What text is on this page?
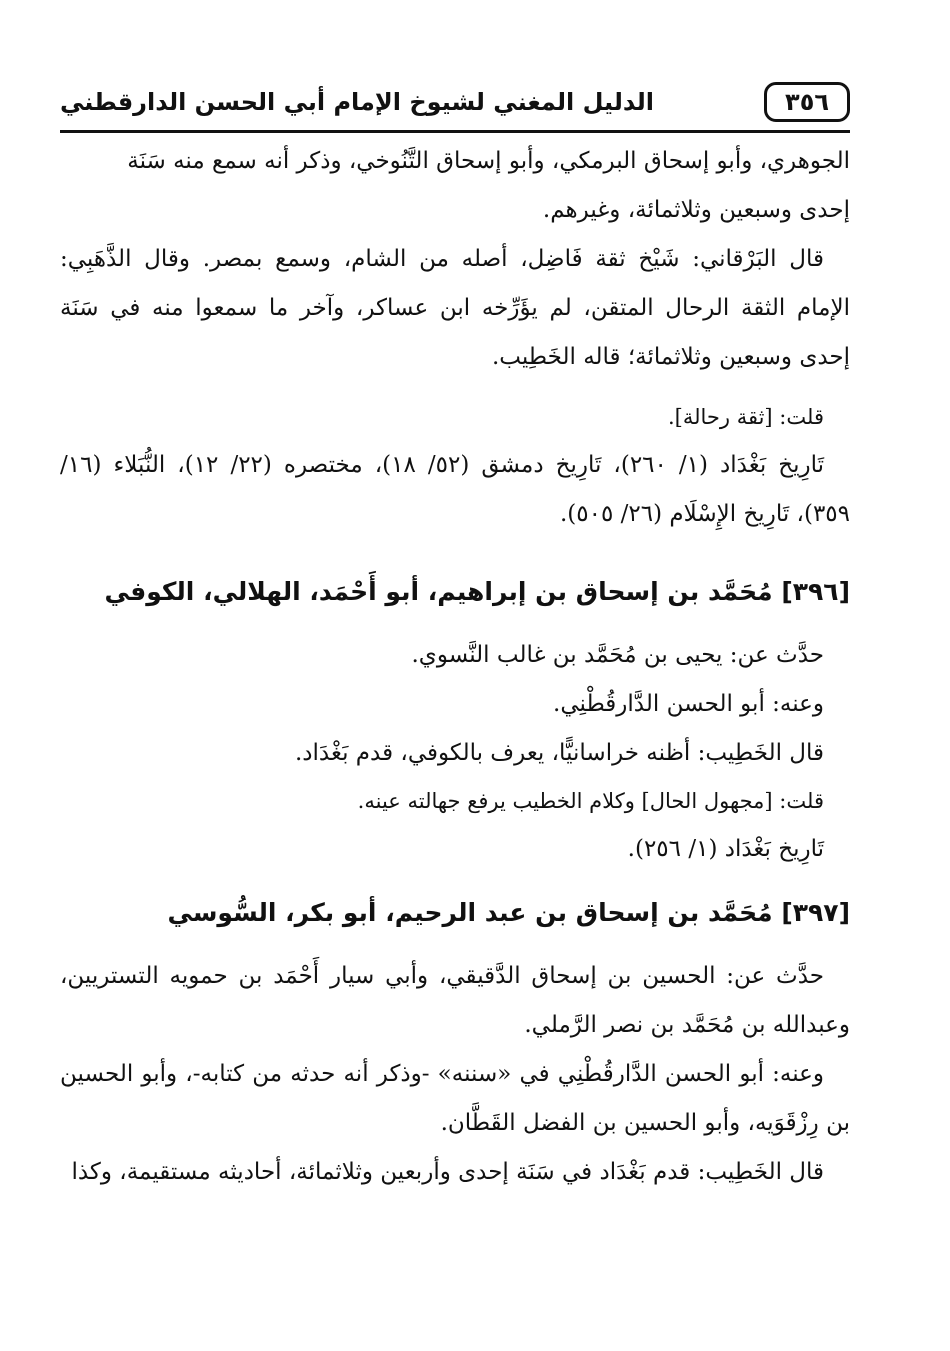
٣٥٦
الدليل المغني لشيوخ الإمام أبي الحسن الدارقطني

الجوهري، وأبو إسحاق البرمكي، وأبو إسحاق التَّنُوخي، وذكر أنه سمع منه سَنَة

إحدى وسبعين وثلاثمائة، وغيرهم.

قال البَرْقاني: شَيْخ ثقة فَاضِل، أصله من الشام، وسمع بمصر. وقال الذَّهَبِي: الإمام الثقة الرحال المتقن، لم يؤَرِّخه ابن عساكر، وآخر ما سمعوا منه في سَنَة إحدى وسبعين وثلاثمائة؛ قاله الخَطِيب.

قلت: [ثقة رحالة].

تَارِيخ بَغْدَاد (١/ ٢٦٠)، تَارِيخ دمشق (٥٢/ ١٨)، مختصره (٢٢/ ١٢)، النُّبَلاء (١٦/ ٣٥٩)، تَارِيخ الإِسْلَام (٢٦/ ٥٠٥).

[٣٩٦] مُحَمَّد بن إسحاق بن إبراهيم، أبو أَحْمَد، الهلالي، الكوفي

حدَّث عن: يحيى بن مُحَمَّد بن غالب النَّسوي.

وعنه: أبو الحسن الدَّارقُطْنِي.

قال الخَطِيب: أظنه خراسانيًّا، يعرف بالكوفي، قدم بَغْدَاد.

قلت: [مجهول الحال] وكلام الخطيب يرفع جهالته عينه.

تَارِيخ بَغْدَاد (١/ ٢٥٦).

[٣٩٧] مُحَمَّد بن إسحاق بن عبد الرحيم، أبو بكر، السُّوسي

حدَّث عن: الحسين بن إسحاق الدَّقيقي، وأبي سيار أَحْمَد بن حمويه التستريين، وعبدالله بن مُحَمَّد بن نصر الرَّملي.

وعنه: أبو الحسن الدَّارقُطْنِي في «سننه» -وذكر أنه حدثه من كتابه-، وأبو الحسين بن رِزْقَوَيه، وأبو الحسين بن الفضل القَطَّان.

قال الخَطِيب: قدم بَغْدَاد في سَنَة إحدى وأربعين وثلاثمائة، أحاديثه مستقيمة، وكذا
